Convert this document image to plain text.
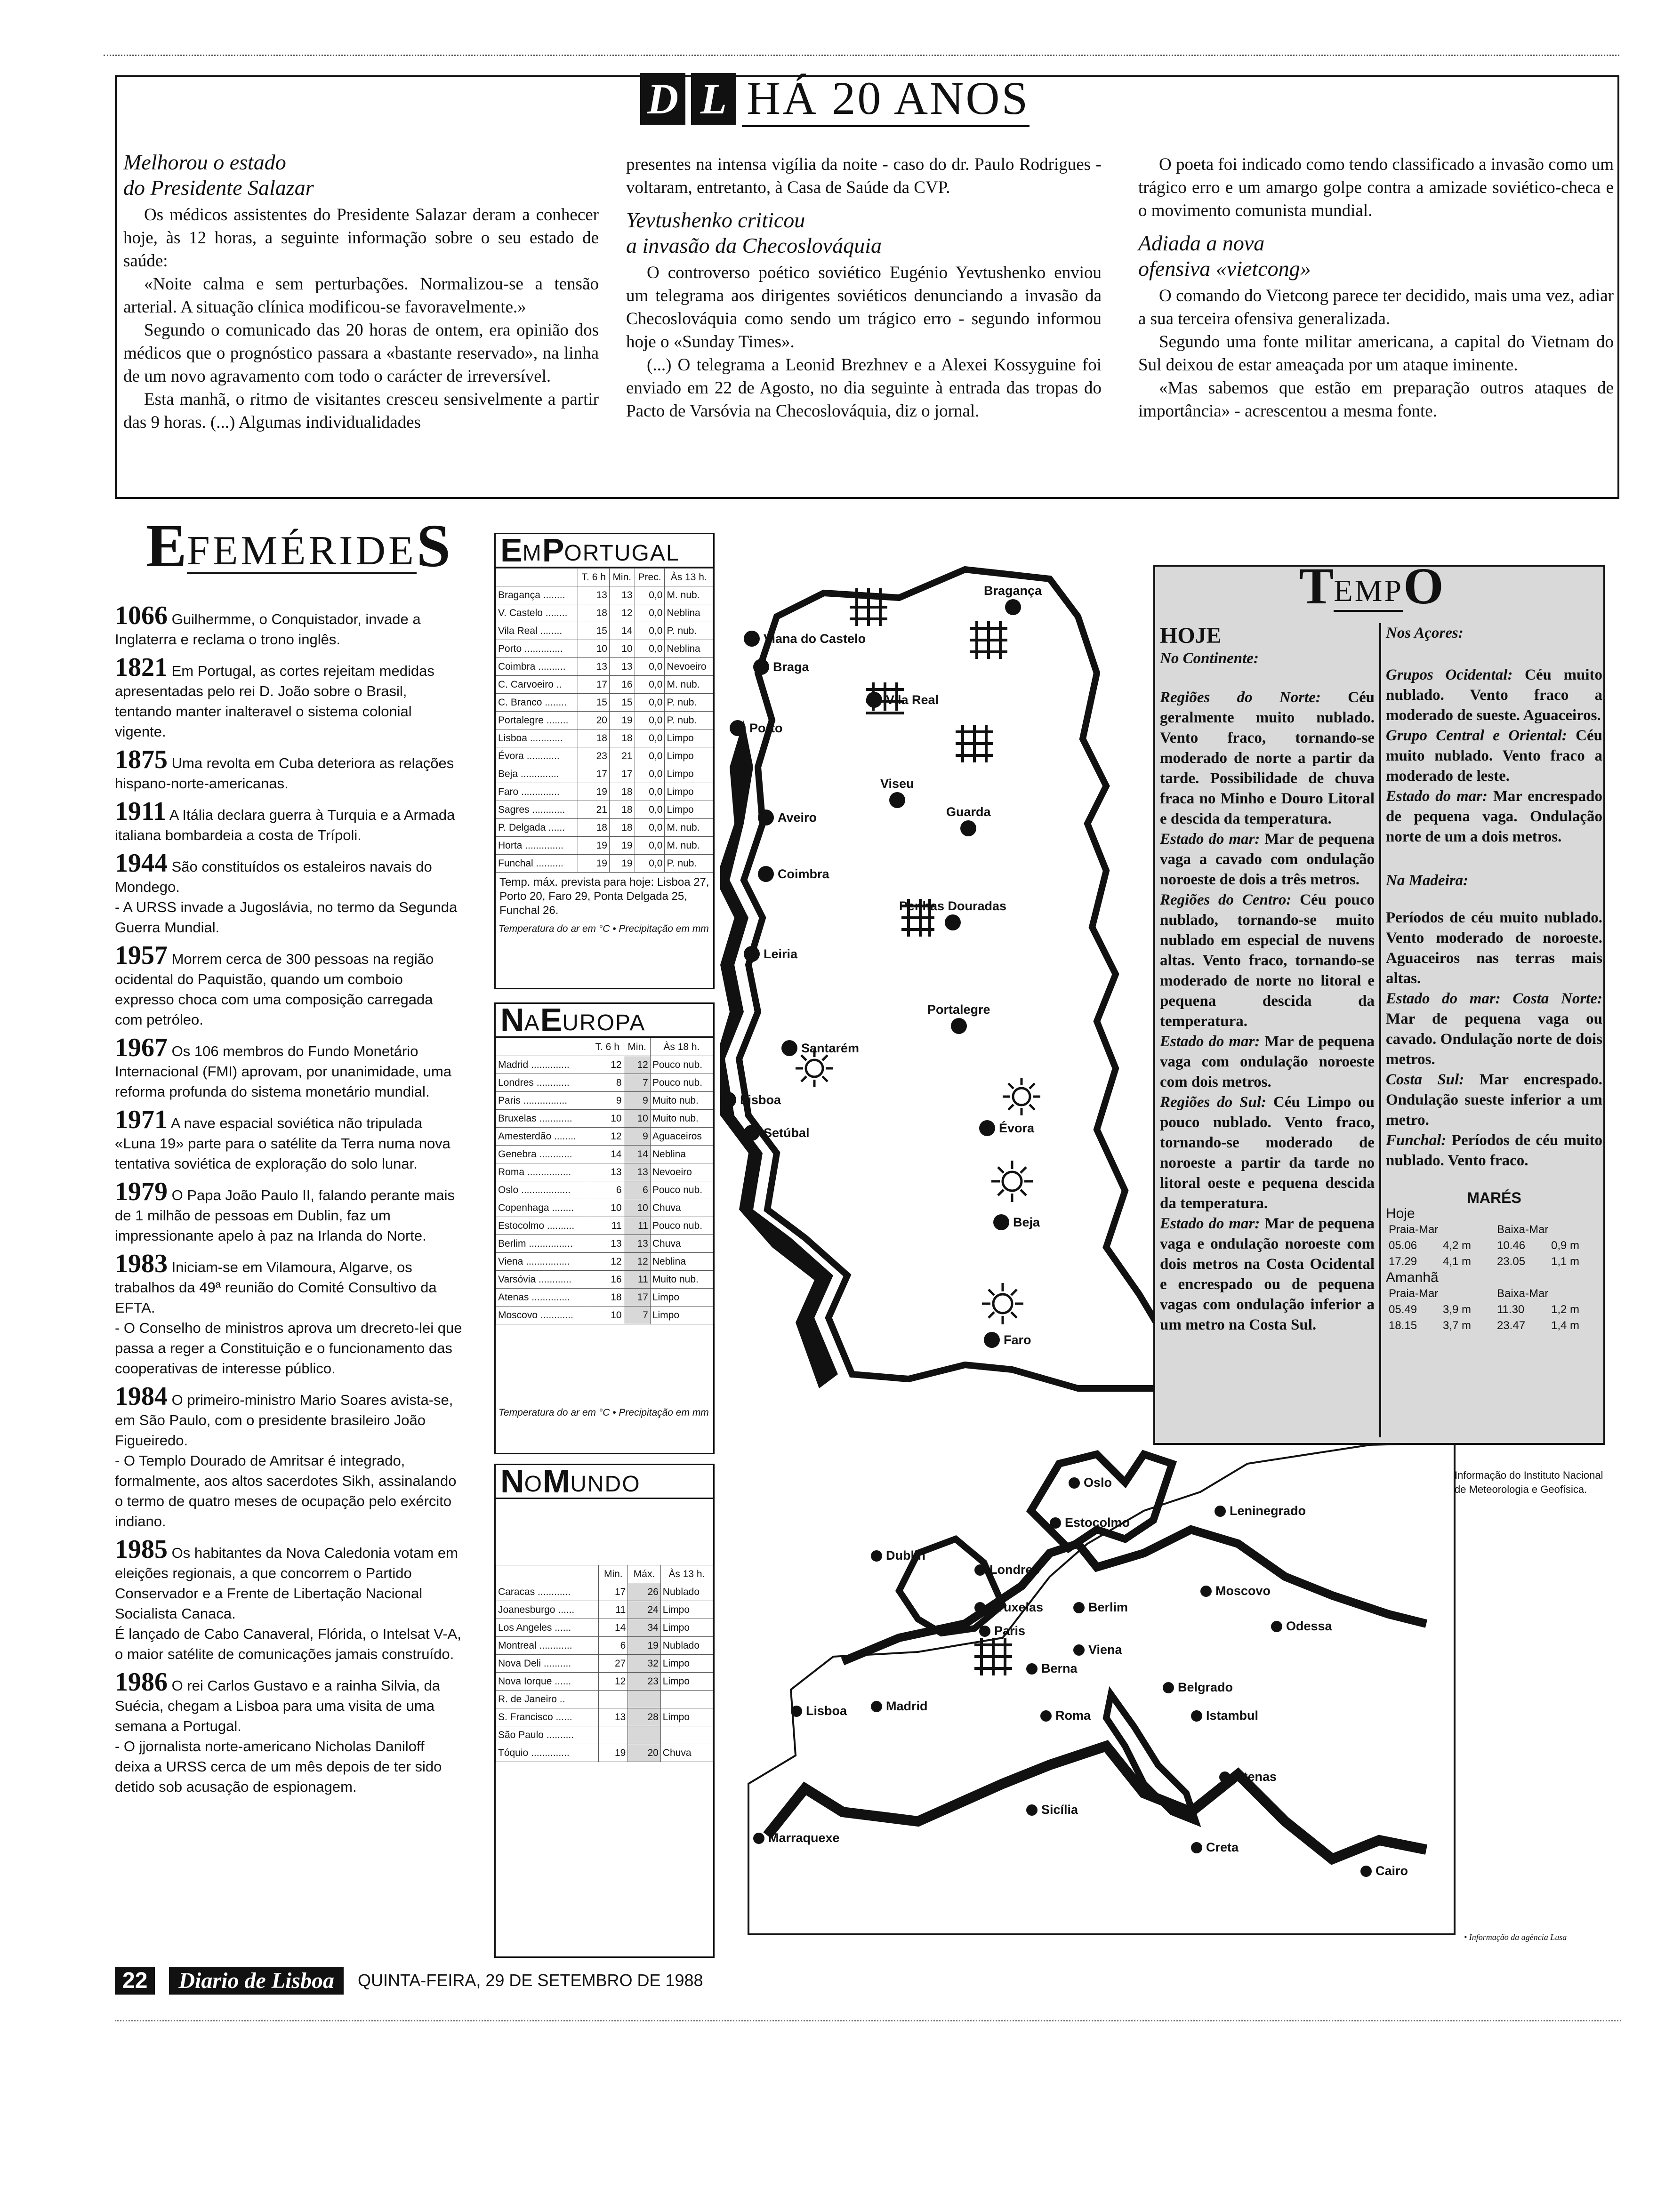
D L HÁ 20 ANOS
Melhorou o estado
do Presidente Salazar

Os médicos assistentes do Presidente Salazar deram a conhecer hoje, às 12 horas, a seguinte informação sobre o seu estado de saúde:

«Noite calma e sem perturbações. Normalizou-se a tensão arterial. A situação clínica modificou-se favoravelmente.»

Segundo o comunicado das 20 horas de ontem, era opinião dos médicos que o prognóstico passara a «bastante reservado», na linha de um novo agravamento com todo o carácter de irreversível.

Esta manhã, o ritmo de visitantes cresceu sensivelmente a partir das 9 horas. (...) Algumas individualidades

presentes na intensa vigília da noite - caso do dr. Paulo Rodrigues - voltaram, entretanto, à Casa de Saúde da CVP.
Yevtushenko criticou
a invasão da Checoslováquia

O controverso poético soviético Eugénio Yevtushenko enviou um telegrama aos dirigentes soviéticos denunciando a invasão da Checoslováquia como sendo um trágico erro - segundo informou hoje o «Sunday Times».

(...) O telegrama a Leonid Brezhnev e a Alexei Kossyguine foi enviado em 22 de Agosto, no dia seguinte à entrada das tropas do Pacto de Varsóvia na Checoslováquia, diz o jornal.

O poeta foi indicado como tendo classificado a invasão como um trágico erro e um amargo golpe contra a amizade soviético-checa e o movimento comunista mundial.

Adiada a nova
ofensiva «vietcong»

O comando do Vietcong parece ter decidido, mais uma vez, adiar a sua terceira ofensiva generalizada.

Segundo uma fonte militar americana, a capital do Vietnam do Sul deixou de estar ameaçada por um ataque iminente.

«Mas sabemos que estão em preparação outros ataques de importância» - acrescentou a mesma fonte.

E FEMÉRIDE S
1066 Guilhermme, o Conquistador, invade a Inglaterra e reclama o trono inglês.
1821 Em Portugal, as cortes rejeitam medidas apresentadas pelo rei D. João sobre o Brasil, tentando manter inalteravel o sistema colonial vigente.
1875 Uma revolta em Cuba deteriora as relações hispano-norte-americanas.
1911 A Itália declara guerra à Turquia e a Armada italiana bombardeia a costa de Trípoli.
1944 São constituídos os estaleiros navais do Mondego.
- A URSS invade a Jugoslávia, no termo da Segunda Guerra Mundial.
1957 Morrem cerca de 300 pessoas na região ocidental do Paquistão, quando um comboio expresso choca com uma composição carregada com petróleo.
1967 Os 106 membros do Fundo Monetário Internacional (FMI) aprovam, por unanimidade, uma reforma profunda do sistema monetário mundial.
1971 A nave espacial soviética não tripulada «Luna 19» parte para o satélite da Terra numa nova tentativa soviética de exploração do solo lunar.
1979 O Papa João Paulo II, falando perante mais de 1 milhão de pessoas em Dublin, faz um impressionante apelo à paz na Irlanda do Norte.
1983 Iniciam-se em Vilamoura, Algarve, os trabalhos da 49ª reunião do Comité Consultivo da EFTA.
- O Conselho de ministros aprova um drecreto-lei que passa a reger a Constituição e o funcionamento das cooperativas de interesse público.
1984 O primeiro-ministro Mario Soares avista-se, em São Paulo, com o presidente brasileiro João Figueiredo.
- O Templo Dourado de Amritsar é integrado, formalmente, aos altos sacerdotes Sikh, assinalando o termo de quatro meses de ocupação pelo exército indiano.
1985 Os habitantes da Nova Caledonia votam em eleições regionais, a que concorrem o Partido Conservador e a Frente de Libertação Nacional Socialista Canaca.
É lançado de Cabo Canaveral, Flórida, o Intelsat V-A, o maior satélite de comunicações jamais construído.
1986 O rei Carlos Gustavo e a rainha Silvia, da Suécia, chegam a Lisboa para uma visita de uma semana a Portugal.
- O jjornalista norte-americano Nicholas Daniloff deixa a URSS cerca de um mês depois de ter sido detido sob acusação de espionagem.
E M P ORTUGAL
	T. 6 h	Min.	Prec.	Às 13 h.
Bragança ........	13	13	0,0	M. nub.
V. Castelo ........	18	12	0,0	Neblina
Vila Real ........	15	14	0,0	P. nub.
Porto ..............	10	10	0,0	Neblina
Coimbra ..........	13	13	0,0	Nevoeiro
C. Carvoeiro ..	17	16	0,0	M. nub.
C. Branco ........	15	15	0,0	P. nub.
Portalegre ........	20	19	0,0	P. nub.
Lisboa ............	18	18	0,0	Limpo
Évora ............	23	21	0,0	Limpo
Beja ..............	17	17	0,0	Limpo
Faro ..............	19	18	0,0	Limpo
Sagres ............	21	18	0,0	Limpo
P. Delgada ......	18	18	0,0	M. nub.
Horta ..............	19	19	0,0	M. nub.
Funchal ..........	19	19	0,0	P. nub.
Temp. máx. prevista para hoje: Lisboa 27, Porto 20, Faro 29, Ponta Delgada 25, Funchal 26.
Temperatura do ar em °C • Precipitação em mm
N A E UROPA
	T. 6 h	Min.	Às 18 h.
Madrid ..............	12	12	Pouco nub.
Londres ............	8	7	Pouco nub.
Paris ................	9	9	Muito nub.
Bruxelas ............	10	10	Muito nub.
Amesterdão ........	12	9	Aguaceiros
Genebra ............	14	14	Neblina
Roma ................	13	13	Nevoeiro
Oslo ..................	6	6	Pouco nub.
Copenhaga ........	10	10	Chuva
Estocolmo ..........	11	11	Pouco nub.
Berlim ................	13	13	Chuva
Viena ................	12	12	Neblina
Varsóvia ............	16	11	Muito nub.
Atenas ..............	18	17	Limpo
Moscovo ............	10	7	Limpo
Temperatura do ar em °C • Precipitação em mm
N O M UNDO
	Min.	Máx.	Às 13 h.
Caracas ............	17	26	Nublado
Joanesburgo ......	11	24	Limpo
Los Angeles ......	14	34	Limpo
Montreal ............	6	19	Nublado
Nova Deli ..........	27	32	Limpo
Nova Iorque ......	12	23	Limpo
R. de Janeiro ..			
S. Francisco ......	13	28	Limpo
São Paulo ..........			
Tóquio ..............	19	20	Chuva
Bragança
Viana do Castelo
Braga
Vila Real
Porto
Viseu
Aveiro	Guarda
Coimbra
Penhas Douradas
Leiria
Portalegre
Santarém
Lisboa
Setúbal	Évora
Beja
Faro
Oslo
Estocolmo
Leninegrado
Dublin
Londres
Moscovo
Bruxelas	Berlim
Paris	Odessa
Viena
Berna
Belgrado
Lisboa	Madrid
Roma	Istambul
Atenas
Sicília
Marraquexe
Creta
Cairo
HOJE
No Continente:
Regiões do Norte: Céu geralmente muito nublado. Vento fraco, tornando-se moderado de norte a partir da tarde. Possibilidade de chuva fraca no Minho e Douro Litoral e descida da temperatura.
Estado do mar: Mar de pequena vaga a cavado com ondulação noroeste de dois a três metros.
Regiões do Centro: Céu pouco nublado, tornando-se muito nublado em especial de nuvens altas. Vento fraco, tornando-se moderado de norte no litoral e pequena descida da temperatura.
Estado do mar: Mar de pequena vaga com ondulação noroeste com dois metros.
Regiões do Sul: Céu Limpo ou pouco nublado. Vento fraco, tornando-se moderado de noroeste a partir da tarde no litoral oeste e pequena descida da temperatura.
Estado do mar: Mar de pequena vaga e ondulação noroeste com dois metros na Costa Ocidental e encrespado ou de pequena vagas com ondulação inferior a um metro na Costa Sul.
Nos Açores:
Grupos Ocidental: Céu muito nublado. Vento fraco a moderado de sueste. Aguaceiros.
Grupo Central e Oriental: Céu muito nublado. Vento fraco a moderado de leste.
Estado do mar: Mar encrespado de pequena vaga. Ondulação norte de um a dois metros.
Na Madeira:
Períodos de céu muito nublado. Vento moderado de noroeste. Aguaceiros nas terras mais altas.
Estado do mar: Costa Norte: Mar de pequena vaga ou cavado. Ondulação norte de dois metros.
Costa Sul: Mar encrespado. Ondulação sueste inferior a um metro.
Funchal: Períodos de céu muito nublado. Vento fraco.
MARÉS
Hoje
Praia-Mar		Baixa-Mar	
05.06	4,2 m	10.46	0,9 m
17.29	4,1 m	23.05	1,1 m
Amanhã
Praia-Mar		Baixa-Mar	
05.49	3,9 m	11.30	1,2 m
18.15	3,7 m	23.47	1,4 m
T EMP O
Informação do Instituto Nacional de Meteorologia e Geofísica.
• Informação da agência Lusa
22	Diario de Lisboa	QUINTA-FEIRA, 29 DE SETEMBRO DE 1988
